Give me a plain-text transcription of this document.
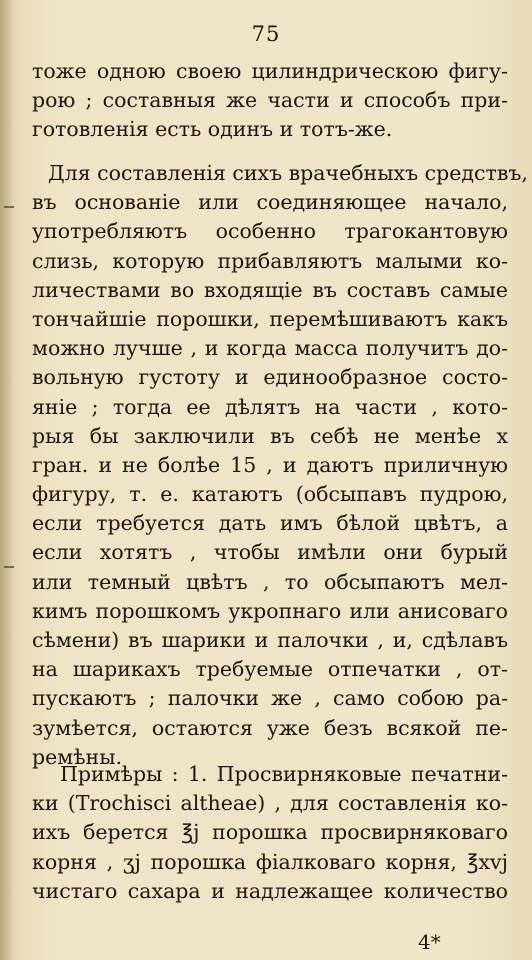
75
тоже одною своею цилиндрическою фигу-
рою ; составныя же части и способъ при-
готовленія есть одинъ и тотъ-же.
Для составленія сихъ врачебныхъ средствъ,
въ основаніе или соединяющее начало,
употребляютъ особенно трагокантовую
слизь, которую прибавляютъ малыми ко-
личествами во входящіе въ составъ самые
тончайшіе порошки, перемѣшиваютъ какъ
можно лучше , и когда масса получитъ до-
вольную густоту и единообразное состо-
яніе ; тогда ее дѣлятъ на части , кото-
рыя бы заключили въ себѣ не менѣе х
гран. и не болѣе 15 , и даютъ приличную
фигуру, т. е. катаютъ (обсыпавъ пудрою,
если требуется дать имъ бѣлой цвѣтъ, а
если хотятъ , чтобы имѣли они бурый
или темный цвѣтъ , то обсыпаютъ мел-
кимъ порошкомъ укропнаго или анисоваго
сѣмени) въ шарики и палочки , и, сдѣлавъ
на шарикахъ требуемые отпечатки , от-
пускаютъ ; палочки же , само собою ра-
зумѣется, остаются уже безъ всякой пе-
ремѣны.
Примѣры : 1. Просвирняковые печатни-
ки (Trochisci altheae) , для составленія ко-
ихъ берется ℥j порошка просвирняковаго
корня , ʒj порошка фіалковаго корня, ℥xvj
чистаго сахара и надлежащее количество
4*
